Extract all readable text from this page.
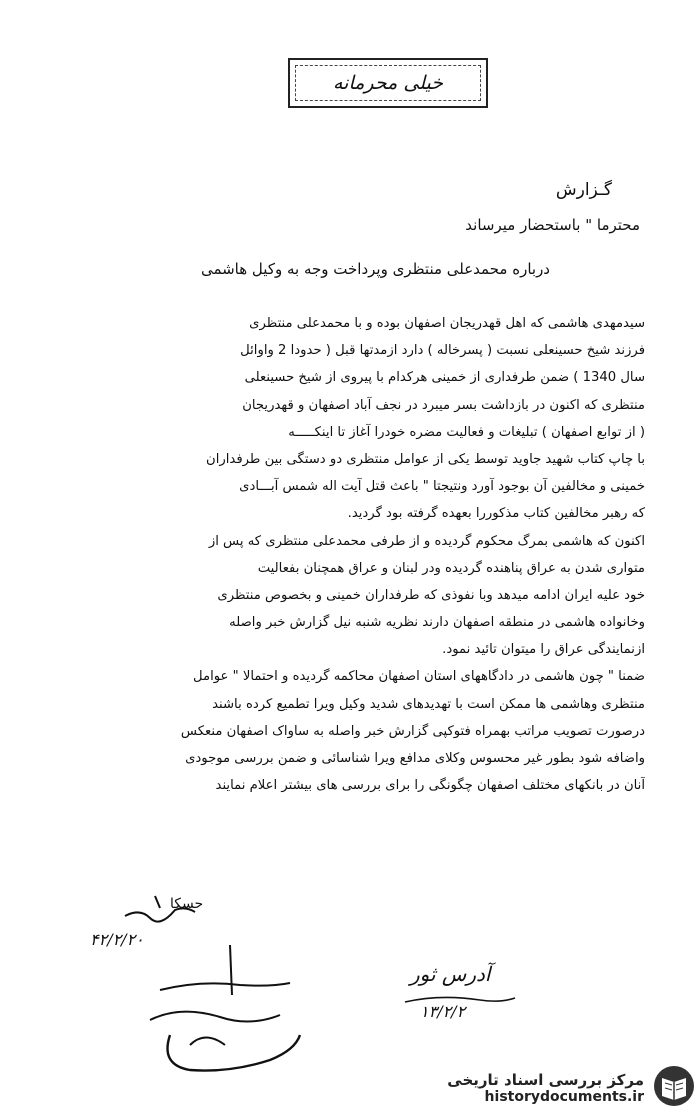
خیلی محرمانه
گـزارش
محترما " باستحضار میرساند
درباره محمدعلی منتظری وپرداخت وجه به وکیل هاشمی
سیدمهدی هاشمی که اهل قهدریجان اصفهان بوده و با محمدعلی منتظری
فرزند شیخ حسینعلی نسبت ( پسرخاله ) دارد ازمدتها قبل ( حدودا 2 واوائل
سال 1340 ) ضمن طرفداری از خمینی هرکدام با پیروی از شیخ حسینعلی
منتظری که اکنون در بازداشت بسر میبرد در نجف آباد اصفهان و قهدریجان
( از توابع اصفهان ) تبلیغات و فعالیت مضره خودرا آغاز تا اینکـــــه
با چاپ کتاب شهید جاوید توسط یکی از عوامل منتظری دو دستگی بین طرفداران
خمینی و مخالفین آن بوجود آورد ونتیجتا " باعث قتل آیت اله شمس آبـــادی
که رهبر مخالفین کتاب مذکوررا بعهده گرفته بود گردید.
اکنون که هاشمی بمرگ محکوم گردیده و از طرفی محمدعلی منتظری که پس از
متواری شدن به عراق پناهنده گردیده ودر لبنان و عراق همچنان بفعالیت
خود علیه ایران ادامه میدهد وبا نفوذی که طرفداران خمینی و بخصوص منتظری
وخانواده هاشمی در منطقه اصفهان دارند نظریه شنبه نیل گزارش خبر واصله
ازنمایندگی عراق را میتوان تائید نمود.
ضمنا " چون هاشمی در دادگاههای استان اصفهان محاکمه گردیده و احتمالا " عوامل
منتظری وهاشمی ها ممکن است با تهدیدهای شدید وکیل ویرا تطمیع کرده باشند
درصورت تصویب مراتب بهمراه فتوکپی گزارش خبر واصله به ساواک اصفهان منعکس
واضافه شود بطور غیر محسوس وکلای مدافع ویرا شناسائی و ضمن بررسی موجودی
آنان در بانکهای مختلف اصفهان چگونگی را برای بررسی های بیشتر اعلام نمایند
حسکا
۴۲/۲/۲۰
آدرس ثور
۱۳/۲/۲
مرکز بررسی اسناد تاریخی
historydocuments.ir
